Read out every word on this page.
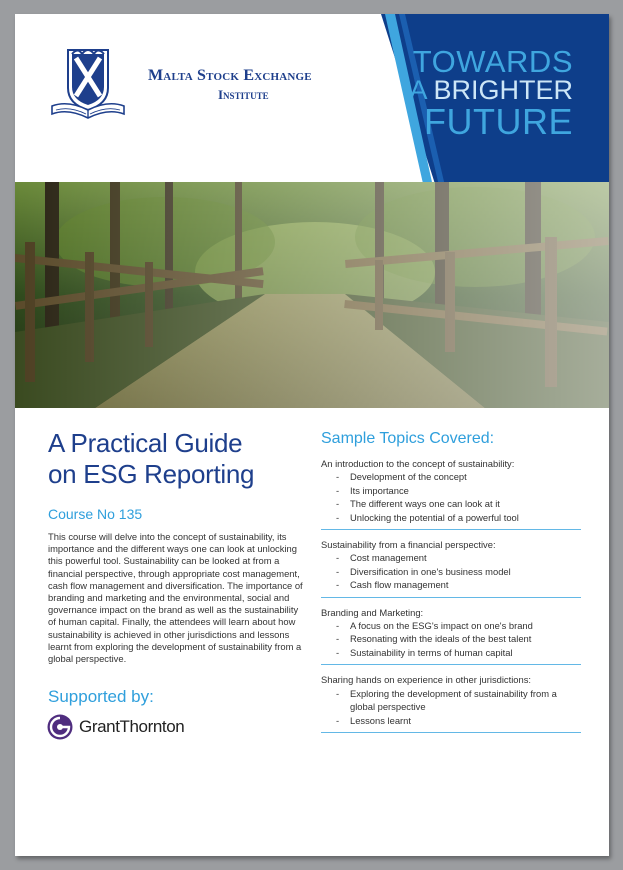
Malta Stock Exchange
Institute
TOWARDS
A BRIGHTER
FUTURE
A Practical Guide
on ESG Reporting
Course No 135

This course will delve into the concept of sustainability, its importance and the different ways one can look at unlocking this powerful tool. Sustainability can be looked at from a financial perspective, through appropriate cost management, cash flow management and diversification. The importance of branding and marketing and the environmental, social and governance impact on the brand as well as the sustainability of human capital. Finally, the attendees will learn about how sustainability is achieved in other jurisdictions and lessons learnt from exploring the development of sustainability from a global perspective.

Supported by:
GrantThornton
Sample Topics Covered:
An introduction to the concept of sustainability:
- Development of the concept
- Its importance
- The different ways one can look at it
- Unlocking the potential of a powerful tool
Sustainability from a financial perspective:
- Cost management
- Diversification in one's business model
- Cash flow management
Branding and Marketing:
- A focus on the ESG's impact on one's brand
- Resonating with the ideals of the best talent
- Sustainability in terms of human capital
Sharing hands on experience in other jurisdictions:
- Exploring the development of sustainability from a global perspective
- Lessons learnt
